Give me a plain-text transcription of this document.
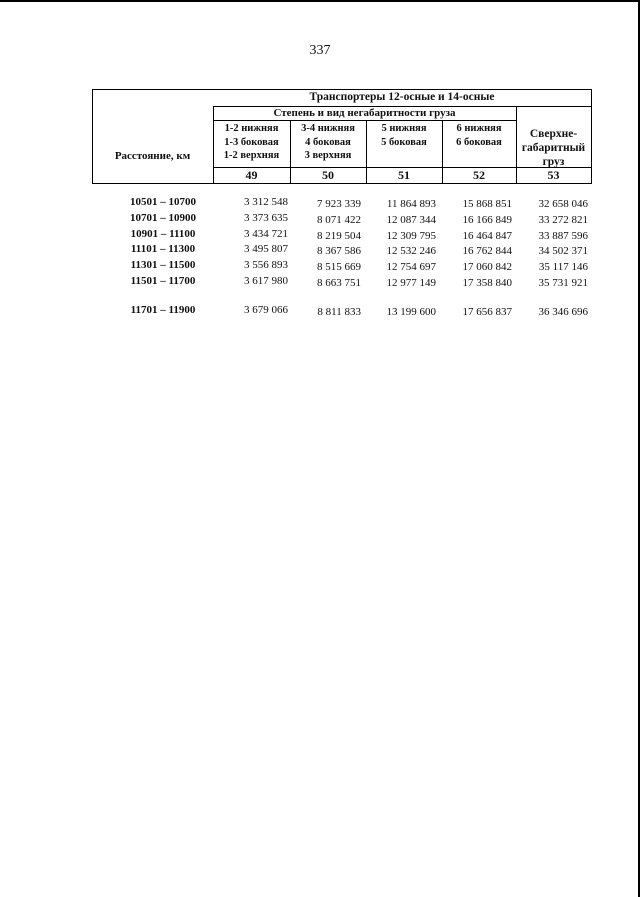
337
Транспортеры 12-осные и 14-осные
Степень и вид негабаритности груза
Расстояние, км
1-2 нижняя
1-3 боковая
1-2 верхняя
49
3-4 нижняя
4 боковая
3 верхняя
50
5 нижняя
5 боковая
51
6 нижняя
6 боковая
52
Сверхне-
габаритный
груз
53
10501 – 10700	3 312 548	7 923 339	11 864 893	15 868 851	32 658 046
10701 – 10900	3 373 635	8 071 422	12 087 344	16 166 849	33 272 821
10901 – 11100	3 434 721	8 219 504	12 309 795	16 464 847	33 887 596
11101 – 11300	3 495 807	8 367 586	12 532 246	16 762 844	34 502 371
11301 – 11500	3 556 893	8 515 669	12 754 697	17 060 842	35 117 146
11501 – 11700	3 617 980	8 663 751	12 977 149	17 358 840	35 731 921
11701 – 11900	3 679 066	8 811 833	13 199 600	17 656 837	36 346 696
